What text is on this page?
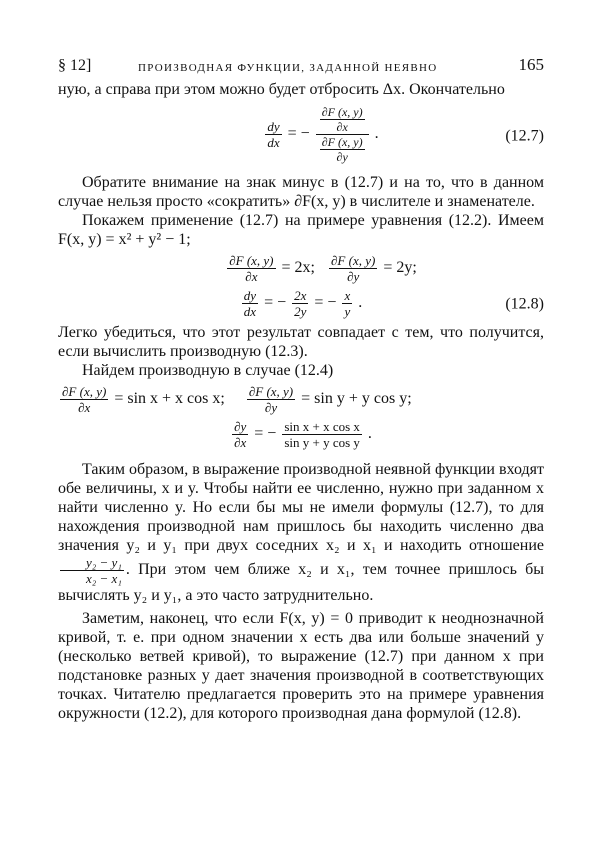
§ 12]	ПРОИЗВОДНАЯ ФУНКЦИИ, ЗАДАННОЙ НЕЯВНО	165

ную, а справа при этом можно будет отбросить Δx. Окончательно

$\frac{dy}{dx}$ = − $\frac{\frac{\partial F (x, y)}{\partial x}}{\frac{\partial F (x, y)}{\partial y}}$ .	(12.7)

Обратите внимание на знак минус в (12.7) и на то, что в данном случае нельзя просто «сократить» ∂F(x, y) в числителе и знаменателе.

Покажем применение (12.7) на примере уравнения (12.2). Имеем F(x, y) = x² + y² − 1;

$\frac{\partial F (x, y)}{\partial x} = 2x$; $\frac{\partial F (x, y)}{\partial y} = 2y$;
$\frac{dy}{dx}$ = − $\frac{2x}{2y}$ = − $\frac{x}{y}$ .	(12.8)

Легко убедиться, что этот результат совпадает с тем, что получится, если вычислить производную (12.3).

Найдем производную в случае (12.4)

$\frac{\partial F (x, y)}{\partial x} = \sin x + x$ cos x; $\frac{\partial F (x, y)}{\partial y} = \sin y + y$ cos y;
$\frac{\partial y}{\partial x}$ = − $\frac{\text{sin x + x cos x}}{\text{sin y + y cos y}}$ .

Таким образом, в выражение производной неявной функции входят обе величины, x и y. Чтобы найти ее численно, нужно при заданном x найти численно y. Но если бы мы не имели формулы (12.7), то для нахождения производной нам пришлось бы находить численно два значения y₂ и y₁ при двух соседних x₂ и x₁ и находить отношение
$\frac{\text{y₂ − y₁}}{\text{x₂ − x₁}}$ . При этом чем ближе x₂ и x₁, тем точнее пришлось бы вычислять y₂ и y₁, а это часто затруднительно.

Заметим, наконец, что если F(x, y) = 0 приводит к неоднозначной кривой, т. е. при одном значении x есть два или больше значений y (несколько ветвей кривой), то выражение (12.7) при данном x при подстановке разных y дает значения производной в соответствующих точках. Читателю предлагается проверить это на примере уравнения окружности (12.2), для которого производная дана формулой (12.8).
